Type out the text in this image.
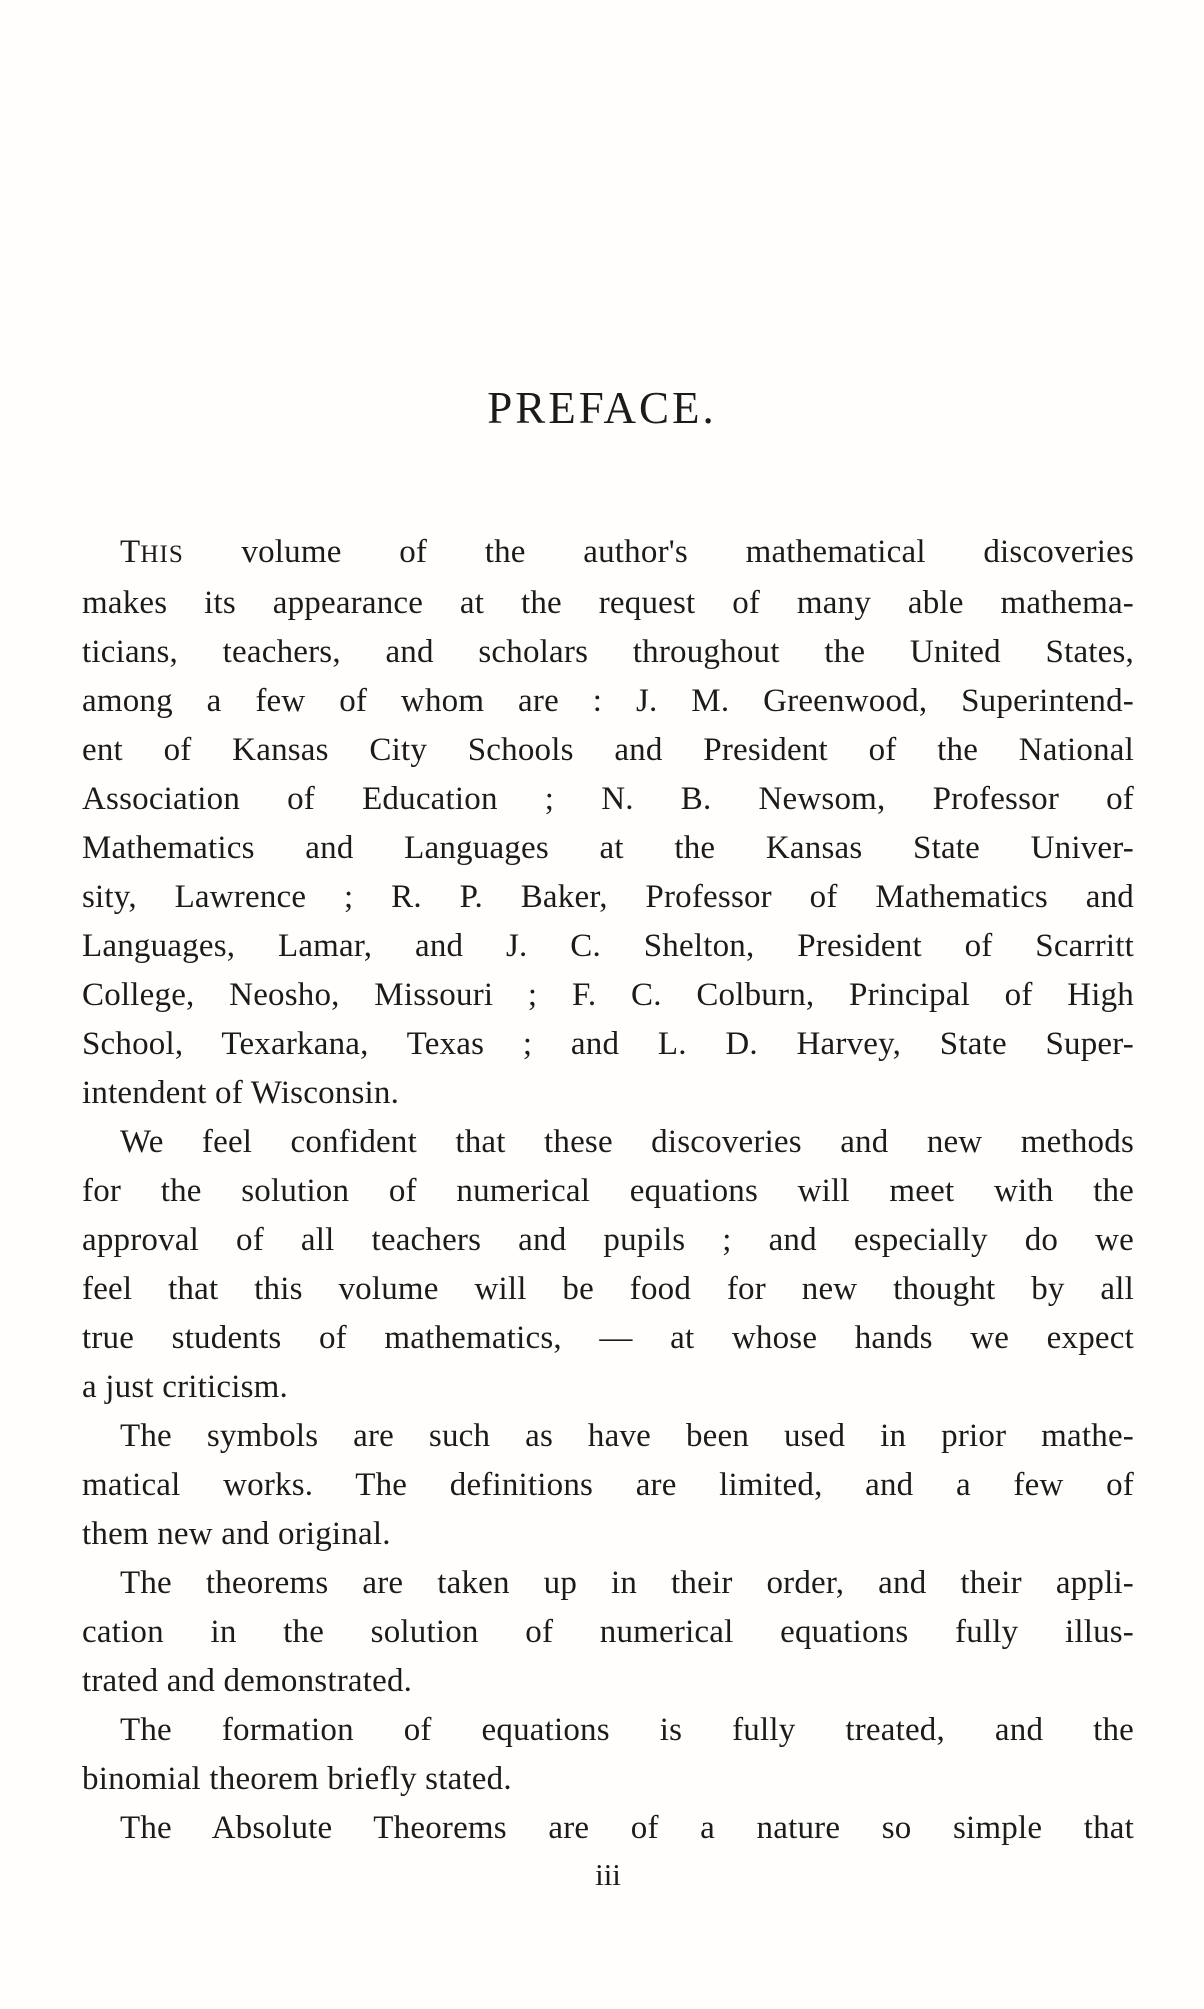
PREFACE.

THIS volume of the author's mathematical discoveries
makes its appearance at the request of many able mathema-
ticians, teachers, and scholars throughout the United States,
among a few of whom are : J. M. Greenwood, Superintend-
ent of Kansas City Schools and President of the National
Association of Education ; N. B. Newsom, Professor of
Mathematics and Languages at the Kansas State Univer-
sity, Lawrence ; R. P. Baker, Professor of Mathematics and
Languages, Lamar, and J. C. Shelton, President of Scarritt
College, Neosho, Missouri ; F. C. Colburn, Principal of High
School, Texarkana, Texas ; and L. D. Harvey, State Super-
intendent of Wisconsin.

We feel confident that these discoveries and new methods
for the solution of numerical equations will meet with the
approval of all teachers and pupils ; and especially do we
feel that this volume will be food for new thought by all
true students of mathematics, — at whose hands we expect
a just criticism.

The symbols are such as have been used in prior mathe-
matical works. The definitions are limited, and a few of
them new and original.

The theorems are taken up in their order, and their appli-
cation in the solution of numerical equations fully illus-
trated and demonstrated.

The formation of equations is fully treated, and the
binomial theorem briefly stated.

The Absolute Theorems are of a nature so simple that

iii
